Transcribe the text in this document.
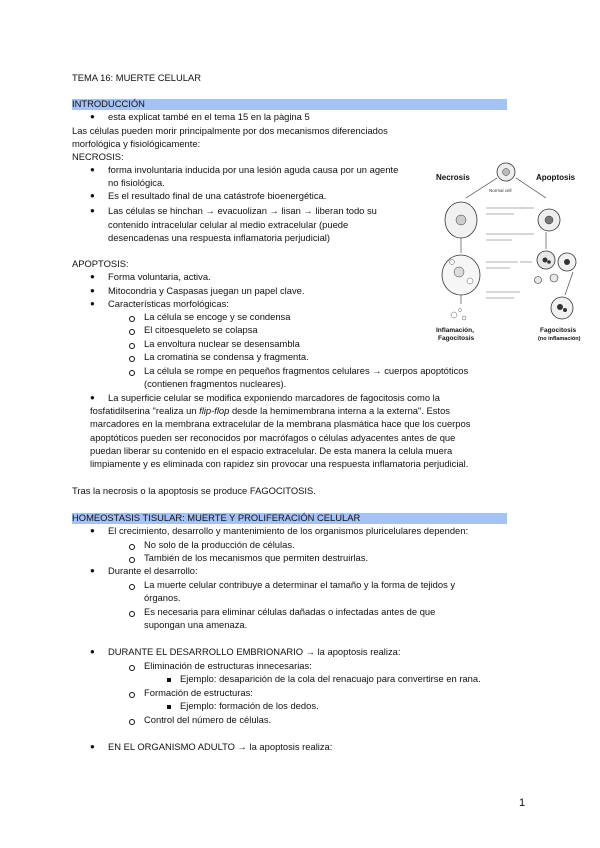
TEMA 16: MUERTE CELULAR
INTRODUCCIÓN
● esta explicat també en el tema 15 en la pàgina 5
Las células pueden morir principalmente por dos mecanismos diferenciados
morfológica y fisiológicamente:
NECROSIS:
● forma involuntaria inducida por una lesión aguda causa por un agente
no fisiológica.
● Es el resultado final de una catástrofe bioenergética.
● Las células se hinchan → evacuolizan → lisan → liberan todo su
contenido intracelular celular al medio extracelular (puede
desencadenas una respuesta inflamatoria perjudicial)
Necrosis	Apoptosis
Normal cell
Inflamación,
Fagocitosis
Fagocitosis
(no inflamación)
APOPTOSIS:
● Forma voluntaria, activa.
● Mitocondria y Caspasas juegan un papel clave.
● Características morfológicas:
La célula se encoge y se condensa
El citoesqueleto se colapsa
La envoltura nuclear se desensambla
La cromatina se condensa y fragmenta.
La célula se rompe en pequeños fragmentos celulares → cuerpos apoptóticos
(contienen fragmentos nucleares).
● La superficie celular se modifica exponiendo marcadores de fagocitosis como la
fosfatidilserina "realiza un flip-flop desde la hemimembrana interna a la externa". Estos
marcadores en la membrana extracelular de la membrana plasmática hace que los cuerpos
apoptóticos pueden ser reconocidos por macrófagos o células adyacentes antes de que
puedan liberar su contenido en el espacio extracelular. De esta manera la celula muera
limpiamente y es eliminada con rapidez sin provocar una respuesta inflamatoria perjudicial.
Tras la necrosis o la apoptosis se produce FAGOCITOSIS.
HOMEOSTASIS TISULAR: MUERTE Y PROLIFERACIÓN CELULAR
● El crecimiento, desarrollo y mantenimiento de los organismos pluricelulares dependen:
No solo de la producción de células.
También de los mecanismos que permiten destruirlas.
● Durante el desarrollo:
La muerte celular contribuye a determinar el tamaño y la forma de tejidos y
órganos.
Es necesaria para eliminar células dañadas o infectadas antes de que
supongan una amenaza.
● DURANTE EL DESARROLLO EMBRIONARIO → la apoptosis realiza:
Eliminación de estructuras innecesarias:
Ejemplo: desaparición de la cola del renacuajo para convertirse en rana.
Formación de estructuras:
Ejemplo: formación de los dedos.
Control del número de células.
● EN EL ORGANISMO ADULTO → la apoptosis realiza:
1
